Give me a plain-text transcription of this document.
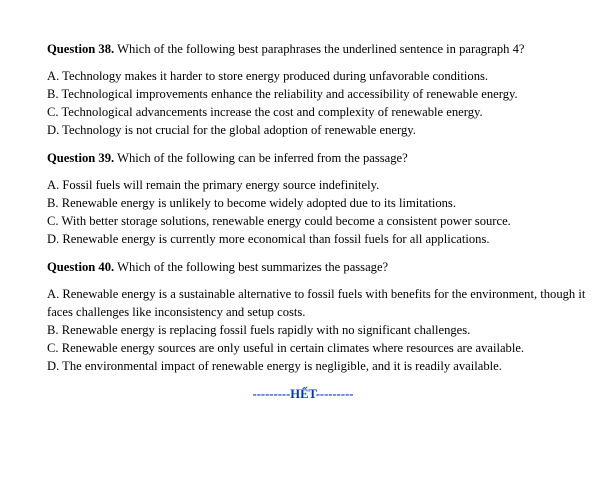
Question 38. Which of the following best paraphrases the underlined sentence in paragraph 4?

A. Technology makes it harder to store energy produced during unfavorable conditions.
B. Technological improvements enhance the reliability and accessibility of renewable energy.
C. Technological advancements increase the cost and complexity of renewable energy.
D. Technology is not crucial for the global adoption of renewable energy.

Question 39. Which of the following can be inferred from the passage?

A. Fossil fuels will remain the primary energy source indefinitely.
B. Renewable energy is unlikely to become widely adopted due to its limitations.
C. With better storage solutions, renewable energy could become a consistent power source.
D. Renewable energy is currently more economical than fossil fuels for all applications.

Question 40. Which of the following best summarizes the passage?

A. Renewable energy is a sustainable alternative to fossil fuels with benefits for the environment, though it faces challenges like inconsistency and setup costs.
B. Renewable energy is replacing fossil fuels rapidly with no significant challenges.
C. Renewable energy sources are only useful in certain climates where resources are available.
D. The environmental impact of renewable energy is negligible, and it is readily available.
---------HẾT---------
